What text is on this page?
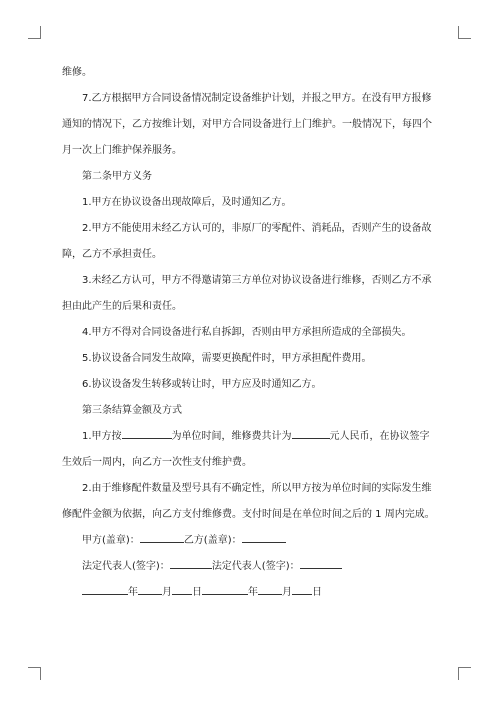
维修。

7.乙方根据甲方合同设备情况制定设备维护计划，并报之甲方。在没有甲方报修

通知的情况下，乙方按维计划，对甲方合同设备进行上门维护。一般情况下，每四个

月一次上门维护保养服务。

第二条甲方义务

1.甲方在协议设备出现故障后，及时通知乙方。

2.甲方不能使用未经乙方认可的，非原厂的零配件、消耗品，否则产生的设备故

障，乙方不承担责任。

3.未经乙方认可，甲方不得邀请第三方单位对协议设备进行维修，否则乙方不承

担由此产生的后果和责任。

4.甲方不得对合同设备进行私自拆卸，否则由甲方承担所造成的全部损失。

5.协议设备合同发生故障，需要更换配件时，甲方承担配件费用。

6.协议设备发生转移或转让时，甲方应及时通知乙方。

第三条结算金额及方式

1.甲方按	为单位时间，维修费共计为	元人民币，在协议签字

生效后一周内，向乙方一次性支付维护费。

2.由于维修配件数量及型号具有不确定性，所以甲方按为单位时间的实际发生维

修配件金额为依据，向乙方支付维修费。支付时间是在单位时间之后的 1 周内完成。

甲方(盖章)：	乙方(盖章)：

法定代表人(签字)：	法定代表人(签字)：

年 月 日	年 月 日
